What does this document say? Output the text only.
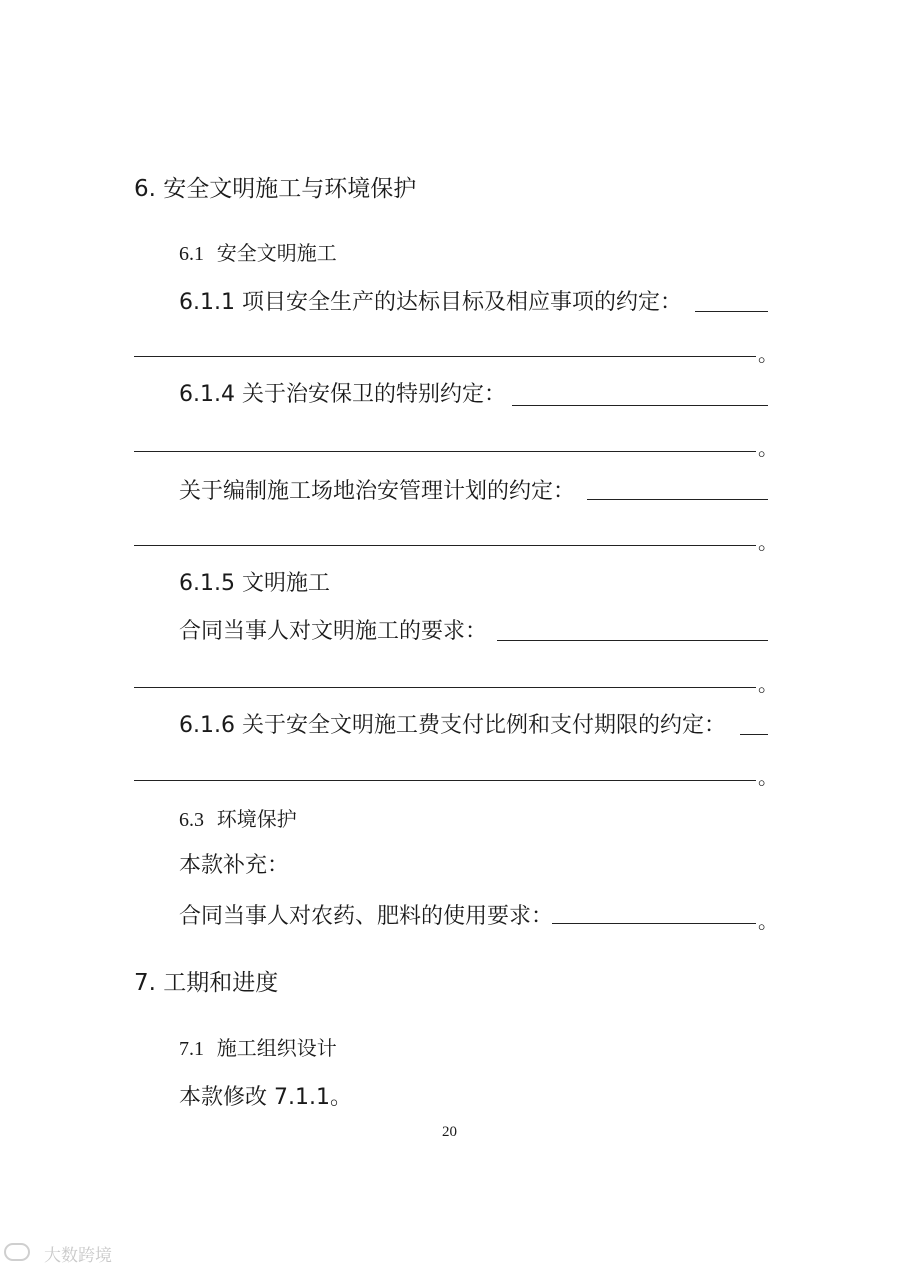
6. 安全文明施工与环境保护
6.1 安全文明施工
6.1.1 项目安全生产的达标目标及相应事项的约定：
。
6.1.4 关于治安保卫的特别约定：
。
关于编制施工场地治安管理计划的约定：
。
6.1.5 文明施工
合同当事人对文明施工的要求：
。
6.1.6 关于安全文明施工费支付比例和支付期限的约定：
。
6.3 环境保护
本款补充：
合同当事人对农药、肥料的使用要求：	。
7. 工期和进度
7.1 施工组织设计
本款修改 7.1.1。
20
大数跨境
